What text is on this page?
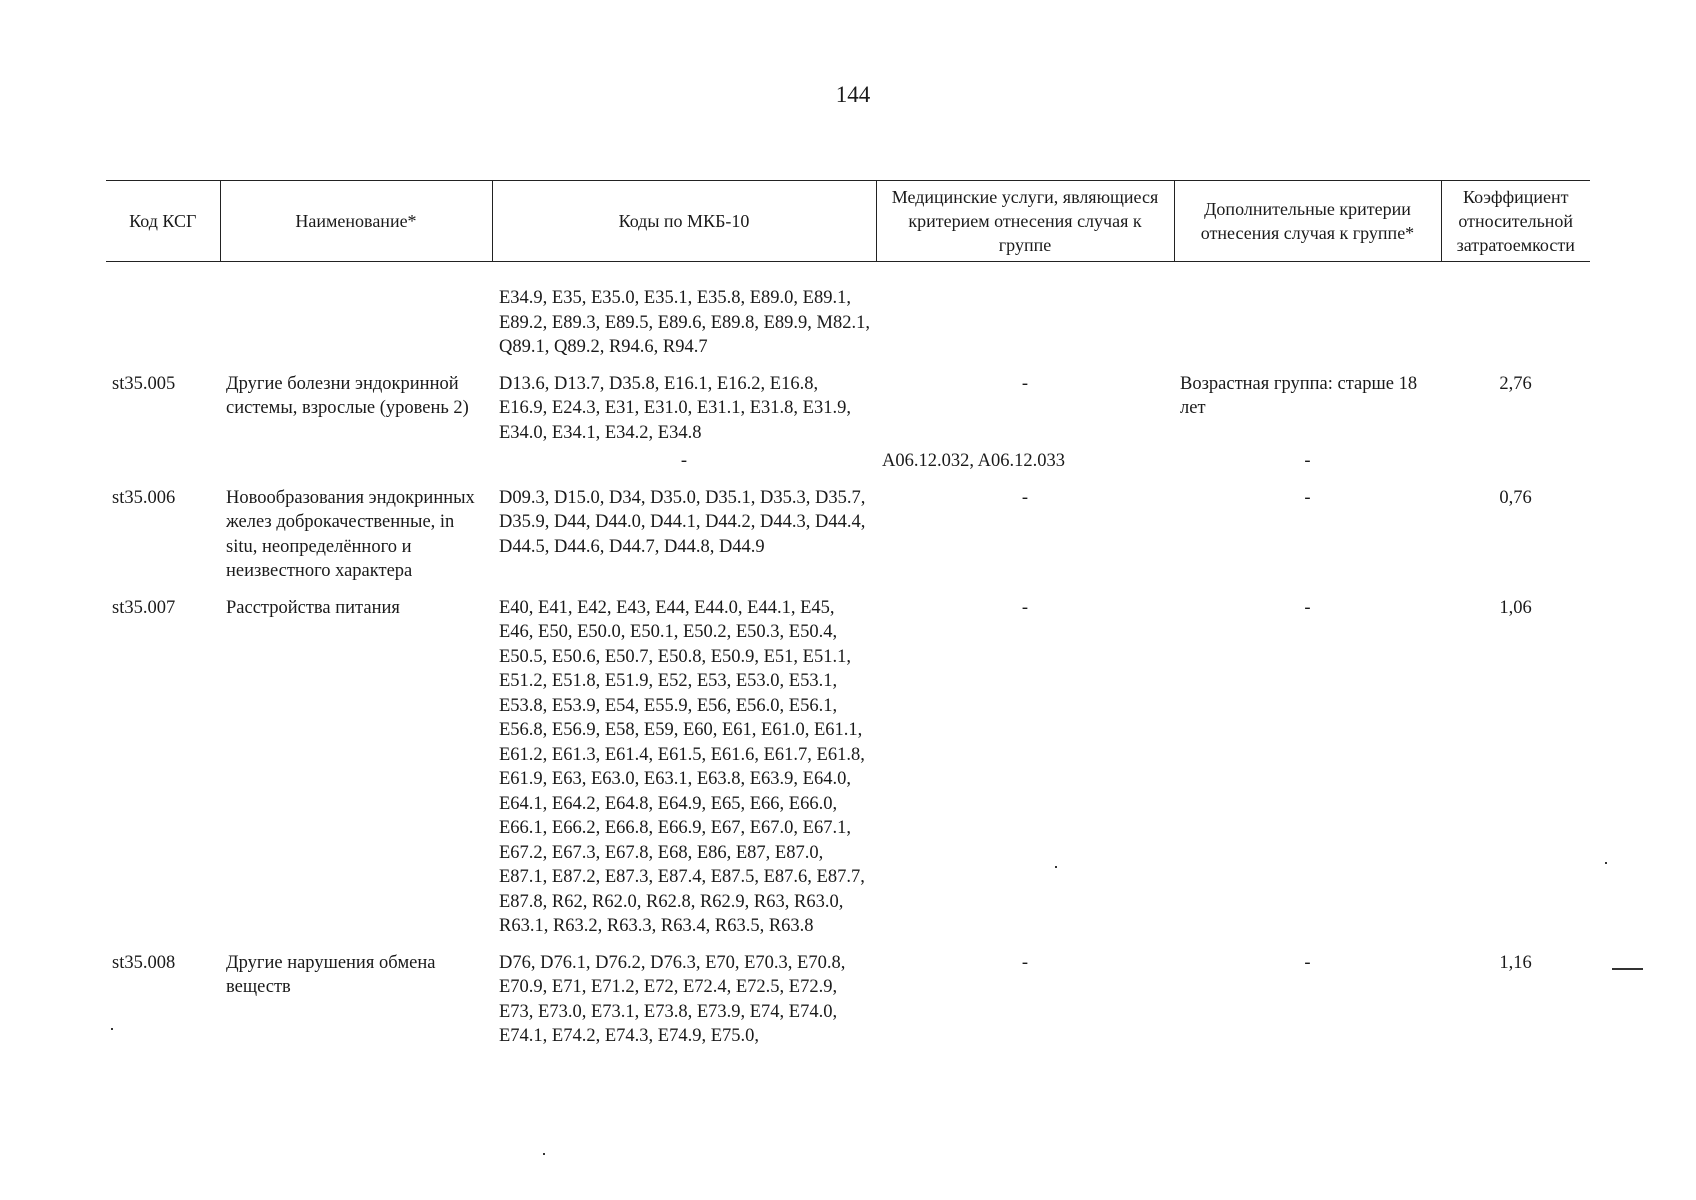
144
Код КСГ	Наименование*	Коды по МКБ-10	Медицинские услуги, являющиеся критерием отнесения случая к группе	Дополнительные критерии отнесения случая к группе*	Коэффициент относительной затратоемкости
		E34.9, E35, E35.0, E35.1, E35.8, E89.0, E89.1, E89.2, E89.3, E89.5, E89.6, E89.8, E89.9, M82.1, Q89.1, Q89.2, R94.6, R94.7			
st35.005	Другие болезни эндокринной системы, взрослые (уровень 2)	D13.6, D13.7, D35.8, E16.1, E16.2, E16.8, E16.9, E24.3, E31, E31.0, E31.1, E31.8, E31.9, E34.0, E34.1, E34.2, E34.8	-	Возрастная группа: старше 18 лет	2,76
		-	A06.12.032, A06.12.033	-	
st35.006	Новообразования эндокринных желез доброкачественные, in situ, неопределённого и неизвестного характера	D09.3, D15.0, D34, D35.0, D35.1, D35.3, D35.7, D35.9, D44, D44.0, D44.1, D44.2, D44.3, D44.4, D44.5, D44.6, D44.7, D44.8, D44.9	-	-	0,76
st35.007	Расстройства питания	E40, E41, E42, E43, E44, E44.0, E44.1, E45, E46, E50, E50.0, E50.1, E50.2, E50.3, E50.4, E50.5, E50.6, E50.7, E50.8, E50.9, E51, E51.1, E51.2, E51.8, E51.9, E52, E53, E53.0, E53.1, E53.8, E53.9, E54, E55.9, E56, E56.0, E56.1, E56.8, E56.9, E58, E59, E60, E61, E61.0, E61.1, E61.2, E61.3, E61.4, E61.5, E61.6, E61.7, E61.8, E61.9, E63, E63.0, E63.1, E63.8, E63.9, E64.0, E64.1, E64.2, E64.8, E64.9, E65, E66, E66.0, E66.1, E66.2, E66.8, E66.9, E67, E67.0, E67.1, E67.2, E67.3, E67.8, E68, E86, E87, E87.0, E87.1, E87.2, E87.3, E87.4, E87.5, E87.6, E87.7, E87.8, R62, R62.0, R62.8, R62.9, R63, R63.0, R63.1, R63.2, R63.3, R63.4, R63.5, R63.8	-	-	1,06
st35.008	Другие нарушения обмена веществ	D76, D76.1, D76.2, D76.3, E70, E70.3, E70.8, E70.9, E71, E71.2, E72, E72.4, E72.5, E72.9, E73, E73.0, E73.1, E73.8, E73.9, E74, E74.0, E74.1, E74.2, E74.3, E74.9, E75.0,	-	-	1,16
